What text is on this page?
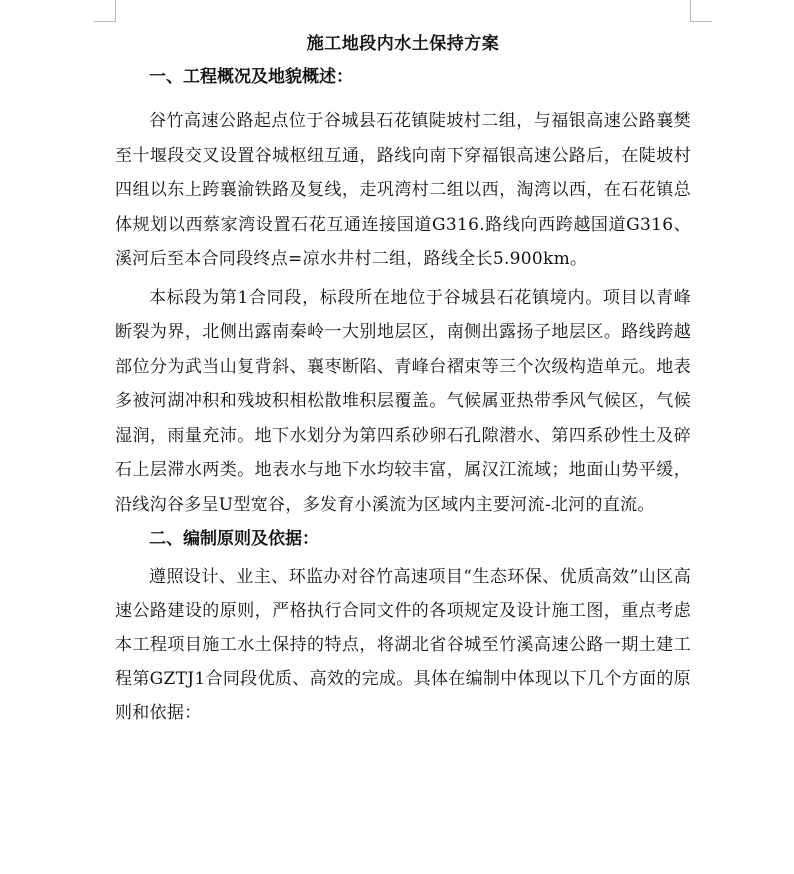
施工地段内水土保持方案
一、工程概况及地貌概述：

谷竹高速公路起点位于谷城县石花镇陡坡村二组，与福银高速公路襄樊至十堰段交叉设置谷城枢纽互通，路线向南下穿福银高速公路后，在陡坡村四组以东上跨襄渝铁路及复线，走巩湾村二组以西，淘湾以西，在石花镇总体规划以西蔡家湾设置石花互通连接国道G316.路线向西跨越国道G316、溪河后至本合同段终点=凉水井村二组，路线全长5.900km。

本标段为第1合同段，标段所在地位于谷城县石花镇境内。项目以青峰断裂为界，北侧出露南秦岭一大别地层区，南侧出露扬子地层区。路线跨越部位分为武当山复背斜、襄枣断陷、青峰台褶束等三个次级构造单元。地表多被河湖冲积和残坡积相松散堆积层覆盖。气候属亚热带季风气候区，气候湿润，雨量充沛。地下水划分为第四系砂卵石孔隙潜水、第四系砂性土及碎石上层滞水两类。地表水与地下水均较丰富，属汉江流域；地面山势平缓，沿线沟谷多呈U型宽谷，多发育小溪流为区域内主要河流-北河的直流。

二、编制原则及依据：

遵照设计、业主、环监办对谷竹高速项目“生态环保、优质高效”山区高速公路建设的原则，严格执行合同文件的各项规定及设计施工图，重点考虑本工程项目施工水土保持的特点，将湖北省谷城至竹溪高速公路一期土建工程第GZTJ1合同段优质、高效的完成。具体在编制中体现以下几个方面的原则和依据：
